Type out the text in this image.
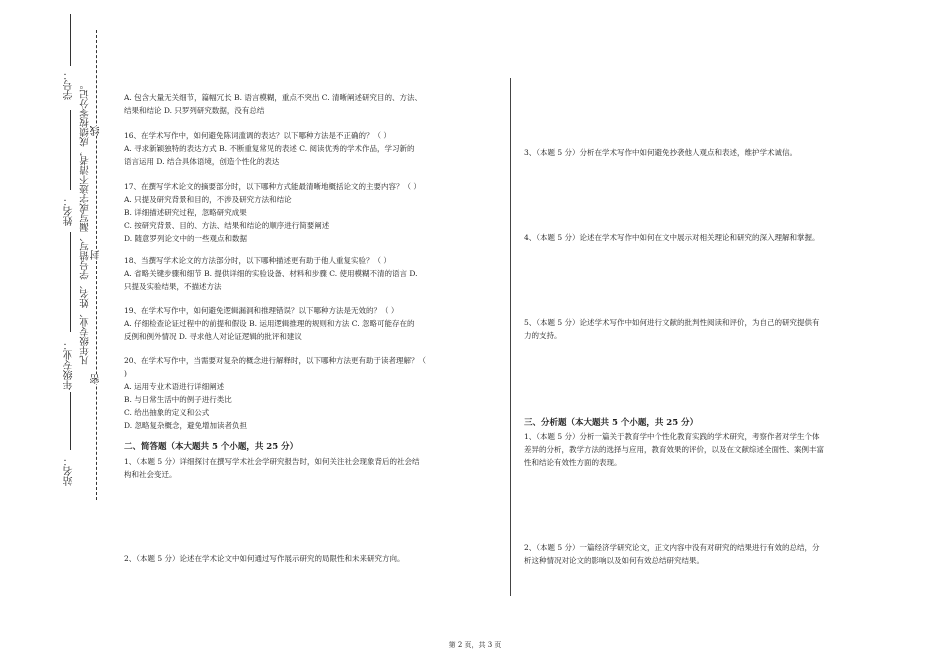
学号：
姓名：
年级专业：
站名：
凡年级专业、姓名、学号错写、漏写或字迹不清者，成绩按零分记。 线
封
密

A. 包含大量无关细节，篇幅冗长 B. 语言模糊，重点不突出 C. 清晰阐述研究目的、方法、

结果和结论 D. 只罗列研究数据，没有总结

16、在学术写作中，如何避免陈词滥调的表达？以下哪种方法是不正确的？（ ）

A. 寻求新颖独特的表达方式 B. 不断重复常见的表述 C. 阅读优秀的学术作品，学习新的

语言运用 D. 结合具体语境，创造个性化的表达

17、在撰写学术论文的摘要部分时，以下哪种方式能最清晰地概括论文的主要内容？（ ）

A. 只提及研究背景和目的，不涉及研究方法和结论

B. 详细描述研究过程，忽略研究成果

C. 按研究背景、目的、方法、结果和结论的顺序进行简要阐述

D. 随意罗列论文中的一些观点和数据

18、当撰写学术论文的方法部分时，以下哪种描述更有助于他人重复实验？（ ）

A. 省略关键步骤和细节 B. 提供详细的实验设备、材料和步骤 C. 使用模糊不清的语言 D.

只提及实验结果，不描述方法

19、在学术写作中，如何避免逻辑漏洞和推理错误？以下哪种方法是无效的？（ ）

A. 仔细检查论证过程中的前提和假设 B. 运用逻辑推理的规则和方法 C. 忽略可能存在的

反例和例外情况 D. 寻求他人对论证逻辑的批评和建议

20、在学术写作中，当需要对复杂的概念进行解释时，以下哪种方法更有助于读者理解？（

)

A. 运用专业术语进行详细阐述

B. 与日常生活中的例子进行类比

C. 给出抽象的定义和公式

D. 忽略复杂概念，避免增加读者负担

二、简答题（本大题共 5 个小题，共 25 分）

1、（本题 5 分）详细探讨在撰写学术社会学研究报告时，如何关注社会现象背后的社会结

构和社会变迁。

2、（本题 5 分）论述在学术论文中如何通过写作展示研究的局限性和未来研究方向。
3、（本题 5 分）分析在学术写作中如何避免抄袭他人观点和表述，维护学术诚信。
4、（本题 5 分）论述在学术写作中如何在文中展示对相关理论和研究的深入理解和掌握。

5、（本题 5 分）论述学术写作中如何进行文献的批判性阅读和评价，为自己的研究提供有

力的支持。

三、分析题（本大题共 5 个小题，共 25 分）

1、（本题 5 分）分析一篇关于教育学中个性化教育实践的学术研究，考察作者对学生个体

差异的分析，教学方法的选择与应用，教育效果的评价，以及在文献综述全面性、案例丰富

性和结论有效性方面的表现。

2、（本题 5 分）一篇经济学研究论文，正文内容中没有对研究的结果进行有效的总结，分

析这种情况对论文的影响以及如何有效总结研究结果。

第 2 页，共 3 页
